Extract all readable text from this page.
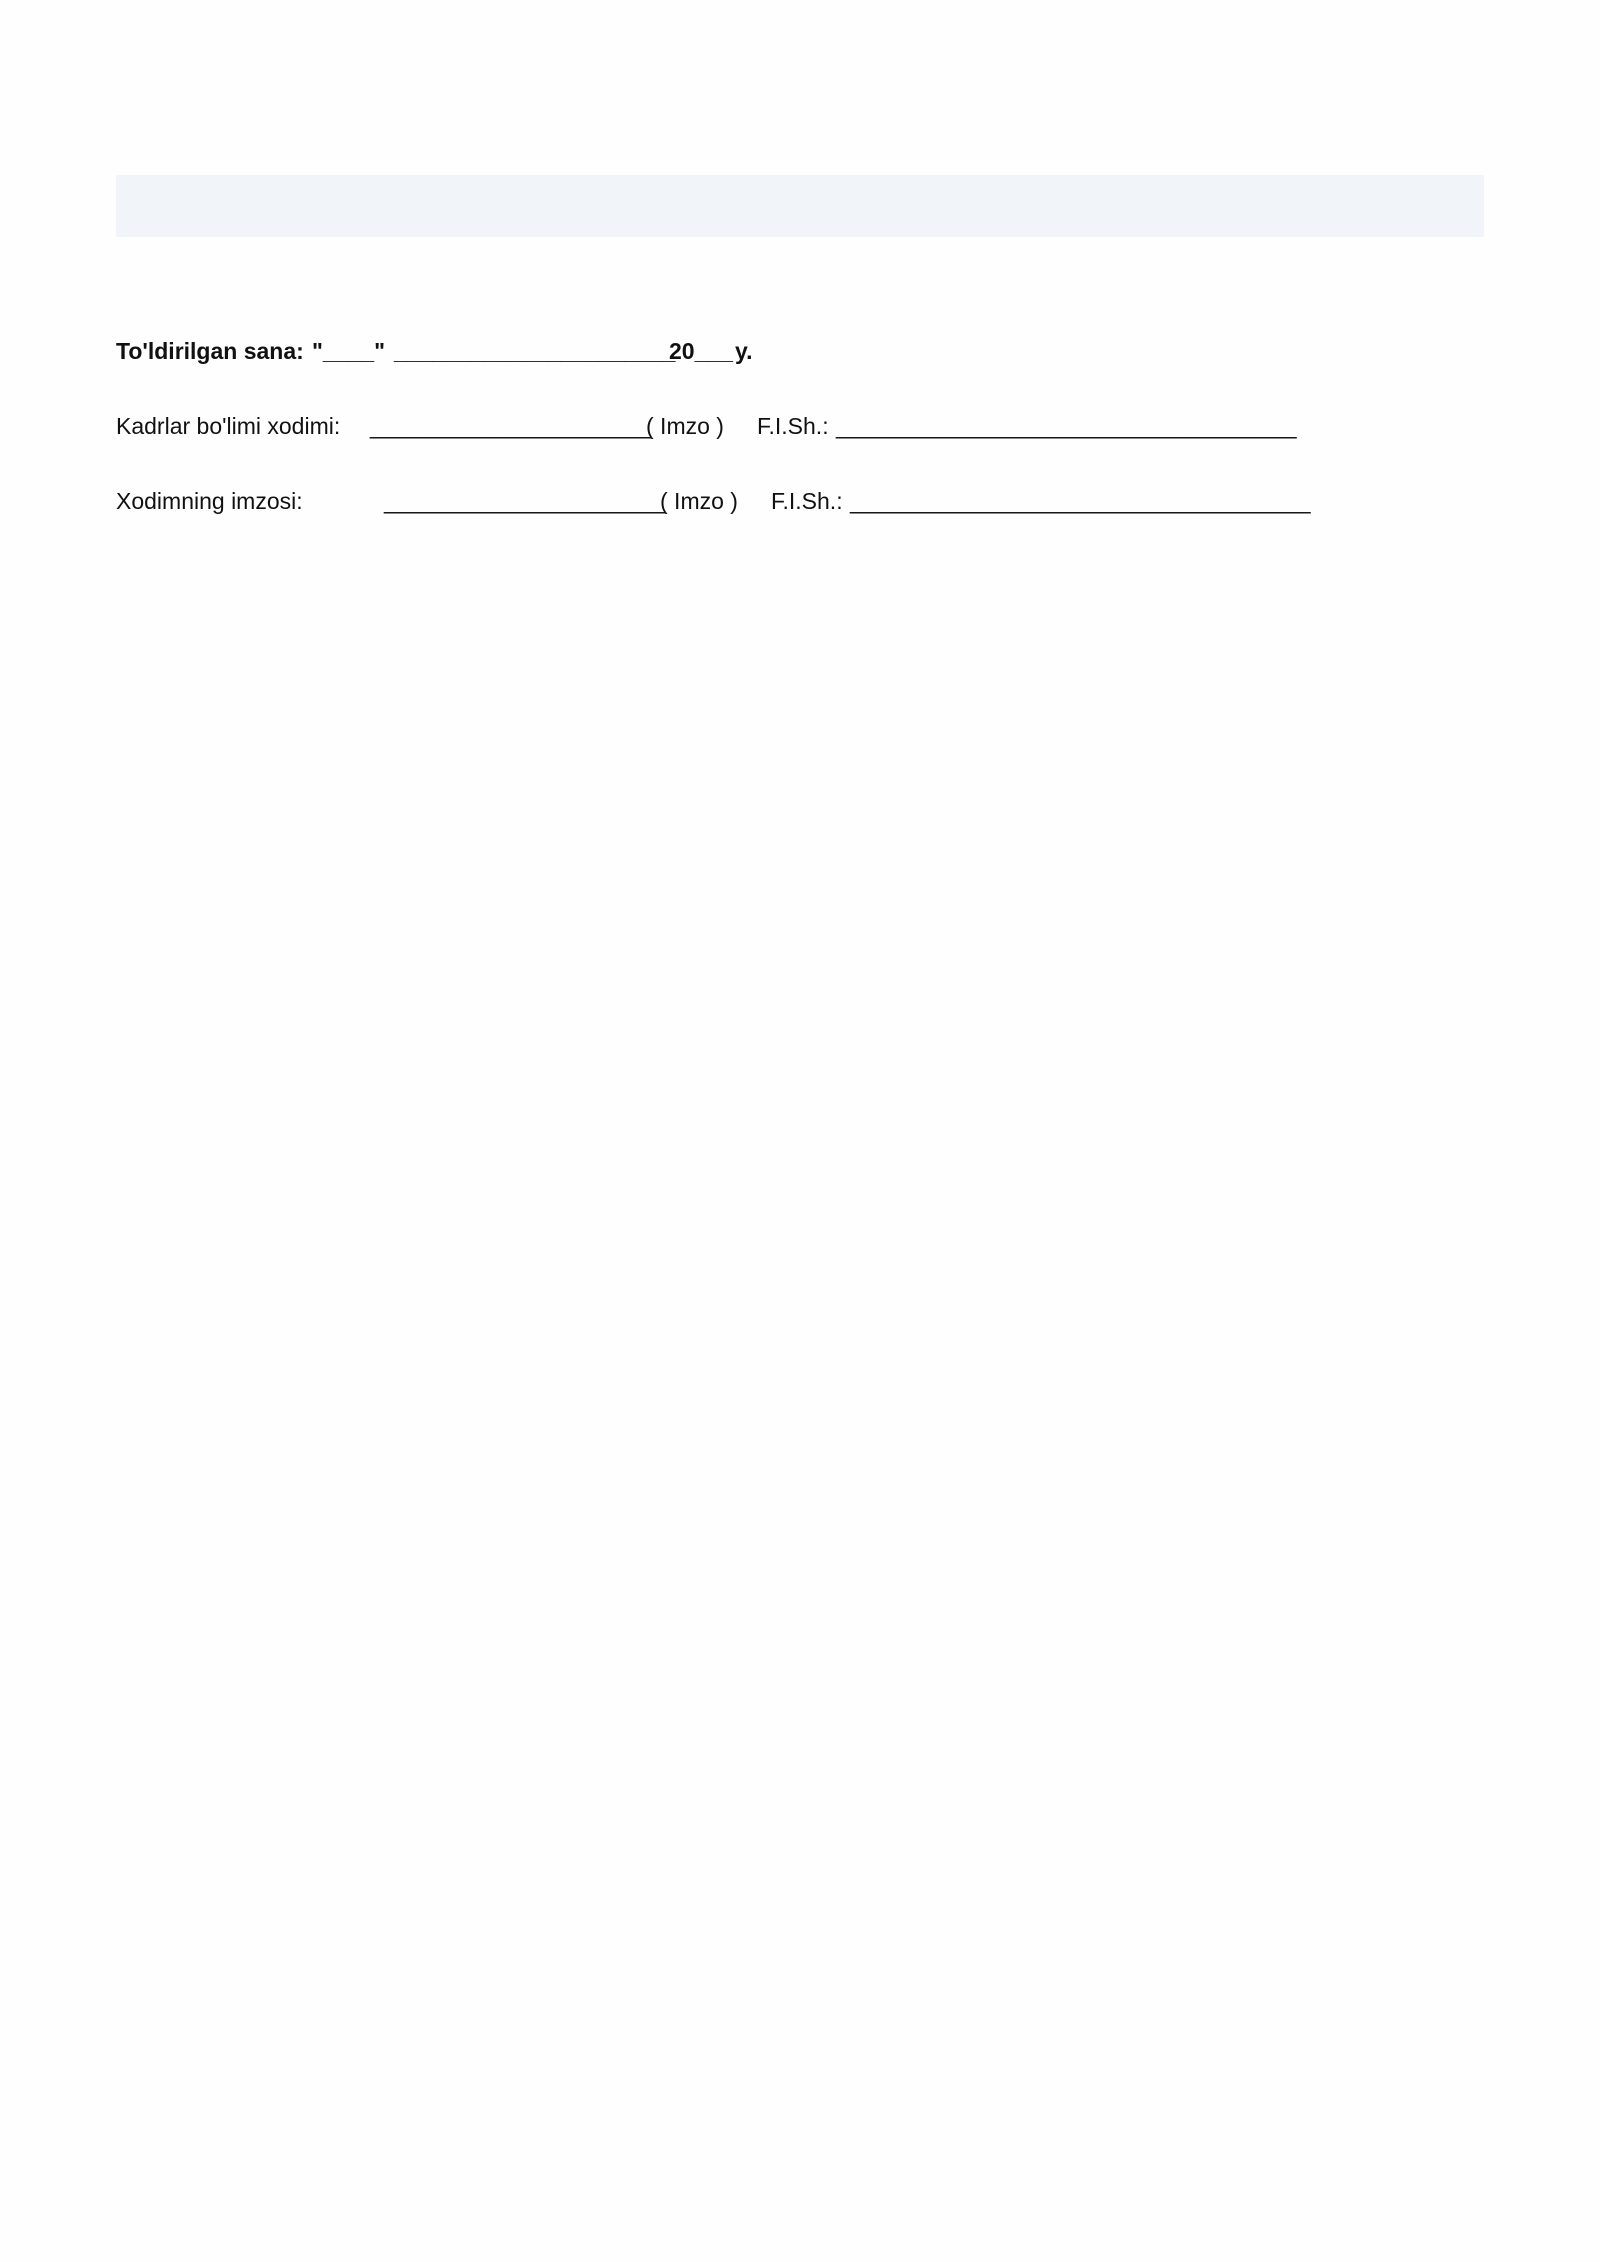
To'ldirilgan sana: "____" ______________________
20___ y.
Kadrlar bo'limi xodimi: ______________________
( Imzo ) F.I.Sh.: ____________________________________
Xodimning imzosi:	______________________
( Imzo ) F.I.Sh.: ____________________________________
